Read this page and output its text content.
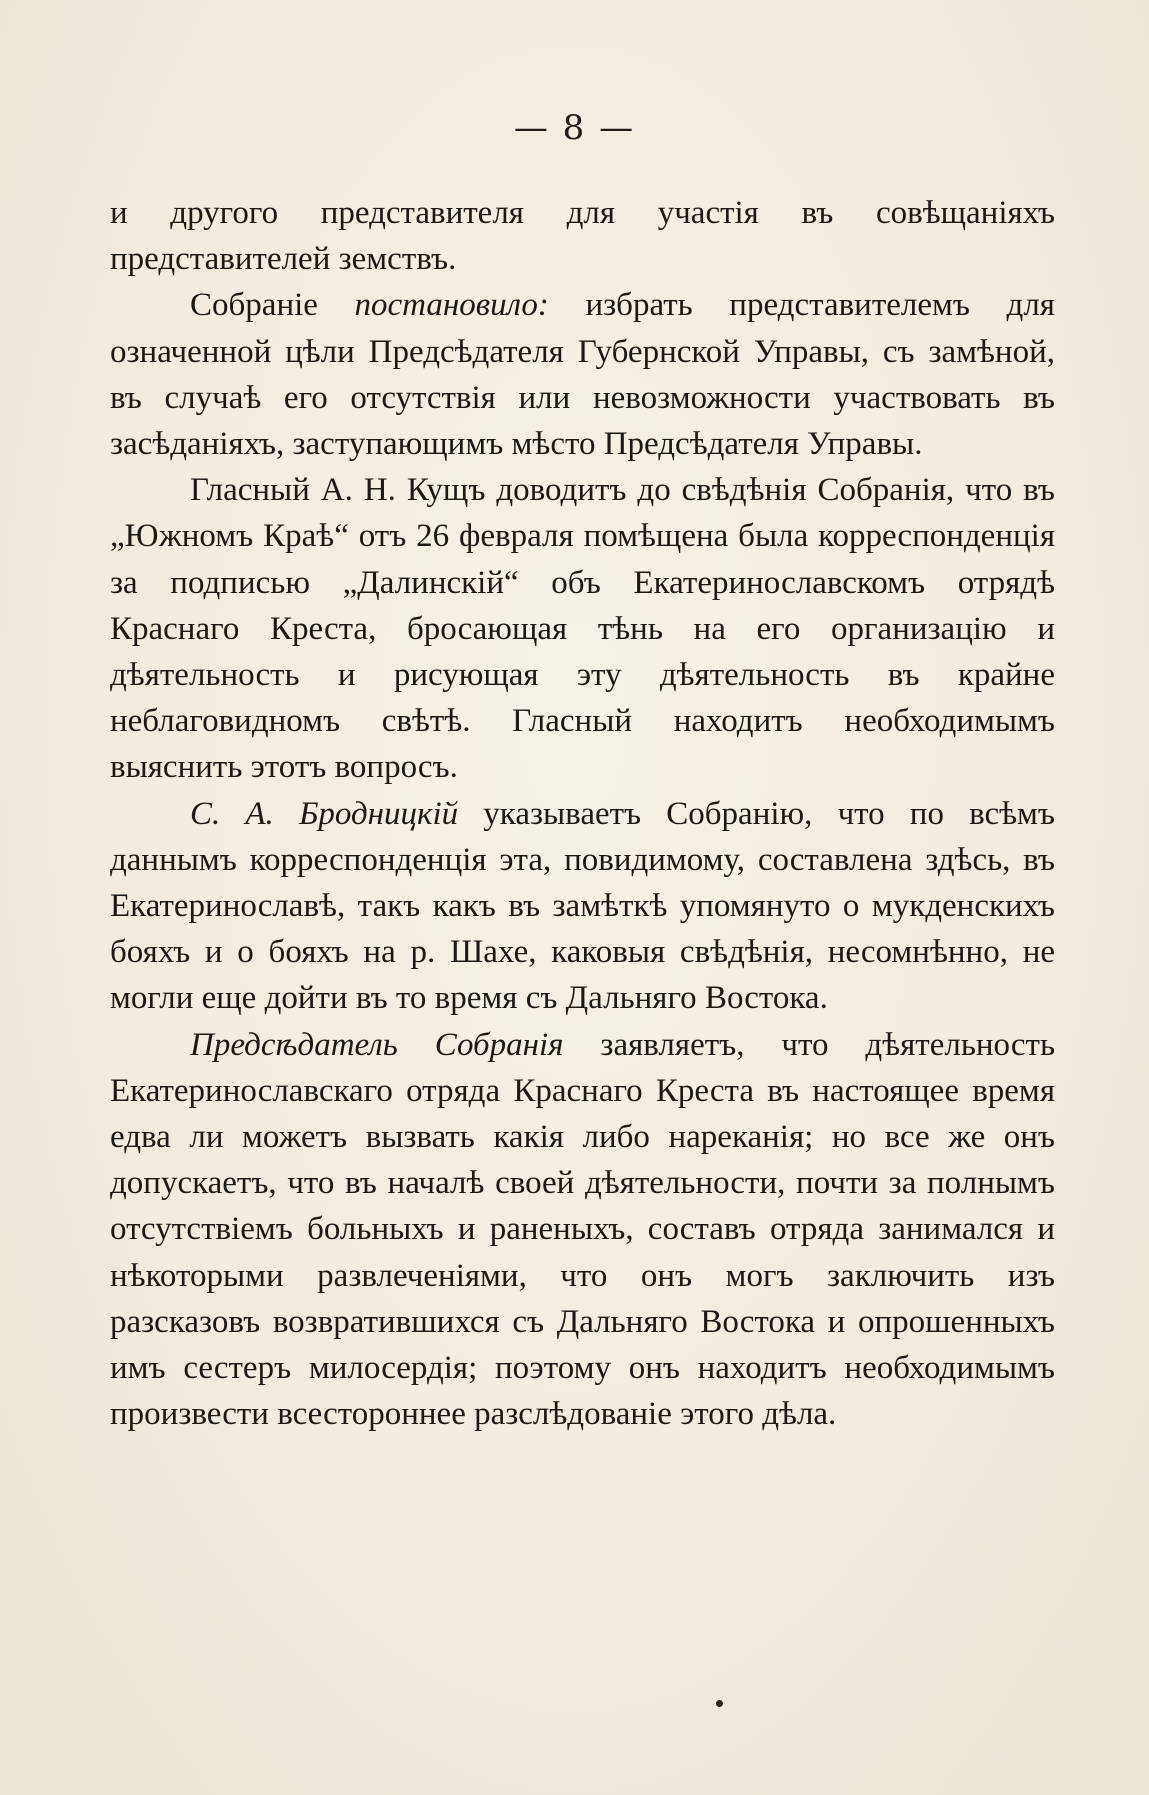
— 8 —

и другого представителя для участія въ совѣщаніяхъ представителей земствъ.

Собраніе постановило: избрать представителемъ для означенной цѣли Предсѣдателя Губернской Управы, съ замѣной, въ случаѣ его отсутствія или невозможности участвовать въ засѣданіяхъ, заступающимъ мѣсто Предсѣдателя Управы.

Гласный А. Н. Кущъ доводитъ до свѣдѣнія Собранія, что въ „Южномъ Краѣ“ отъ 26 февраля помѣщена была корреспонденція за подписью „Далинскій“ объ Екатеринославскомъ отрядѣ Краснаго Креста, бросающая тѣнь на его организацію и дѣятельность и рисующая эту дѣятельность въ крайне неблаговидномъ свѣтѣ. Гласный находитъ необходимымъ выяснить этотъ вопросъ.

С. А. Бродницкій указываетъ Собранію, что по всѣмъ даннымъ корреспонденція эта, повидимому, составлена здѣсь, въ Екатеринославѣ, такъ какъ въ замѣткѣ упомянуто о мукденскихъ бояхъ и о бояхъ на р. Шахе, каковыя свѣдѣнія, несомнѣнно, не могли еще дойти въ то время съ Дальняго Востока.

Предсѣдатель Собранія заявляетъ, что дѣятельность Екатеринославскаго отряда Краснаго Креста въ настоящее время едва ли можетъ вызвать какія либо нареканія; но все же онъ допускаетъ, что въ началѣ своей дѣятельности, почти за полнымъ отсутствіемъ больныхъ и раненыхъ, составъ отряда занимался и нѣкоторыми развлеченіями, что онъ могъ заключить изъ разсказовъ возвратившихся съ Дальняго Востока и опрошенныхъ имъ сестеръ милосердія; поэтому онъ находитъ необходимымъ произвести всестороннее разслѣдованіе этого дѣла.
